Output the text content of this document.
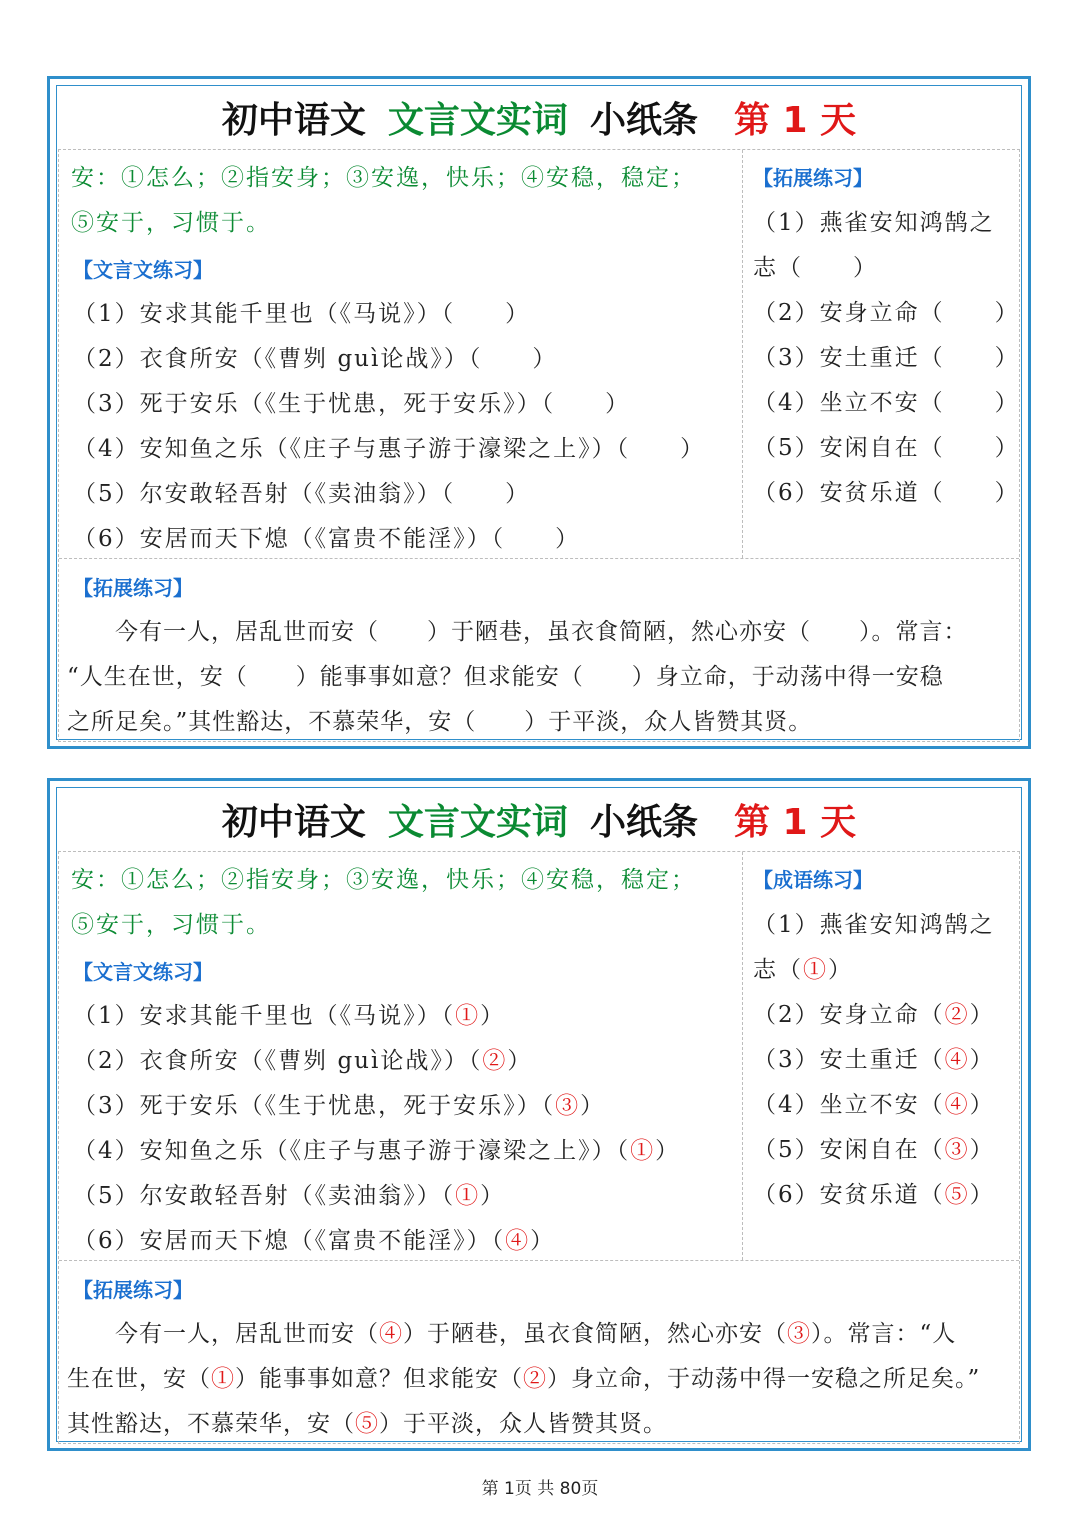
初中语文 文言文实词 小纸条 第 1 天
安：①怎么；②指安身；③安逸，快乐；④安稳，稳定；
⑤安于，习惯于。
【文言文练习】
（1）安求其能千里也（《马说》）（　　）
（2）衣食所安（《曹刿 guì论战》）（　　）
（3）死于安乐（《生于忧患，死于安乐》）（　　）
（4）安知鱼之乐（《庄子与惠子游于濠梁之上》）（　　）
（5）尔安敢轻吾射（《卖油翁》）（　　）
（6）安居而天下熄（《富贵不能淫》）（　　）
【拓展练习】
（1）燕雀安知鸿鹄之
志（　　）
（2）安身立命（　　）
（3）安土重迁（　　）
（4）坐立不安（　　）
（5）安闲自在（　　）
（6）安贫乐道（　　）
【拓展练习】
　　今有一人，居乱世而安（　　）于陋巷，虽衣食简陋，然心亦安（　　）。常言：
“人生在世，安（　　）能事事如意？但求能安（　　）身立命，于动荡中得一安稳
之所足矣。”其性豁达，不慕荣华，安（　　）于平淡，众人皆赞其贤。
初中语文 文言文实词 小纸条 第 1 天
安：①怎么；②指安身；③安逸，快乐；④安稳，稳定；
⑤安于，习惯于。
【文言文练习】
（1）安求其能千里也（《马说》）（①）
（2）衣食所安（《曹刿 guì论战》）（②）
（3）死于安乐（《生于忧患，死于安乐》）（③）
（4）安知鱼之乐（《庄子与惠子游于濠梁之上》）（①）
（5）尔安敢轻吾射（《卖油翁》）（①）
（6）安居而天下熄（《富贵不能淫》）（④）
【成语练习】
（1）燕雀安知鸿鹄之
志（①）
（2）安身立命（②）
（3）安土重迁（④）
（4）坐立不安（④）
（5）安闲自在（③）
（6）安贫乐道（⑤）
【拓展练习】
　　今有一人，居乱世而安（④）于陋巷，虽衣食简陋，然心亦安（③）。常言：“人
生在世，安（①）能事事如意？但求能安（②）身立命，于动荡中得一安稳之所足矣。”
其性豁达，不慕荣华，安（⑤）于平淡，众人皆赞其贤。
第 1页 共 80页
